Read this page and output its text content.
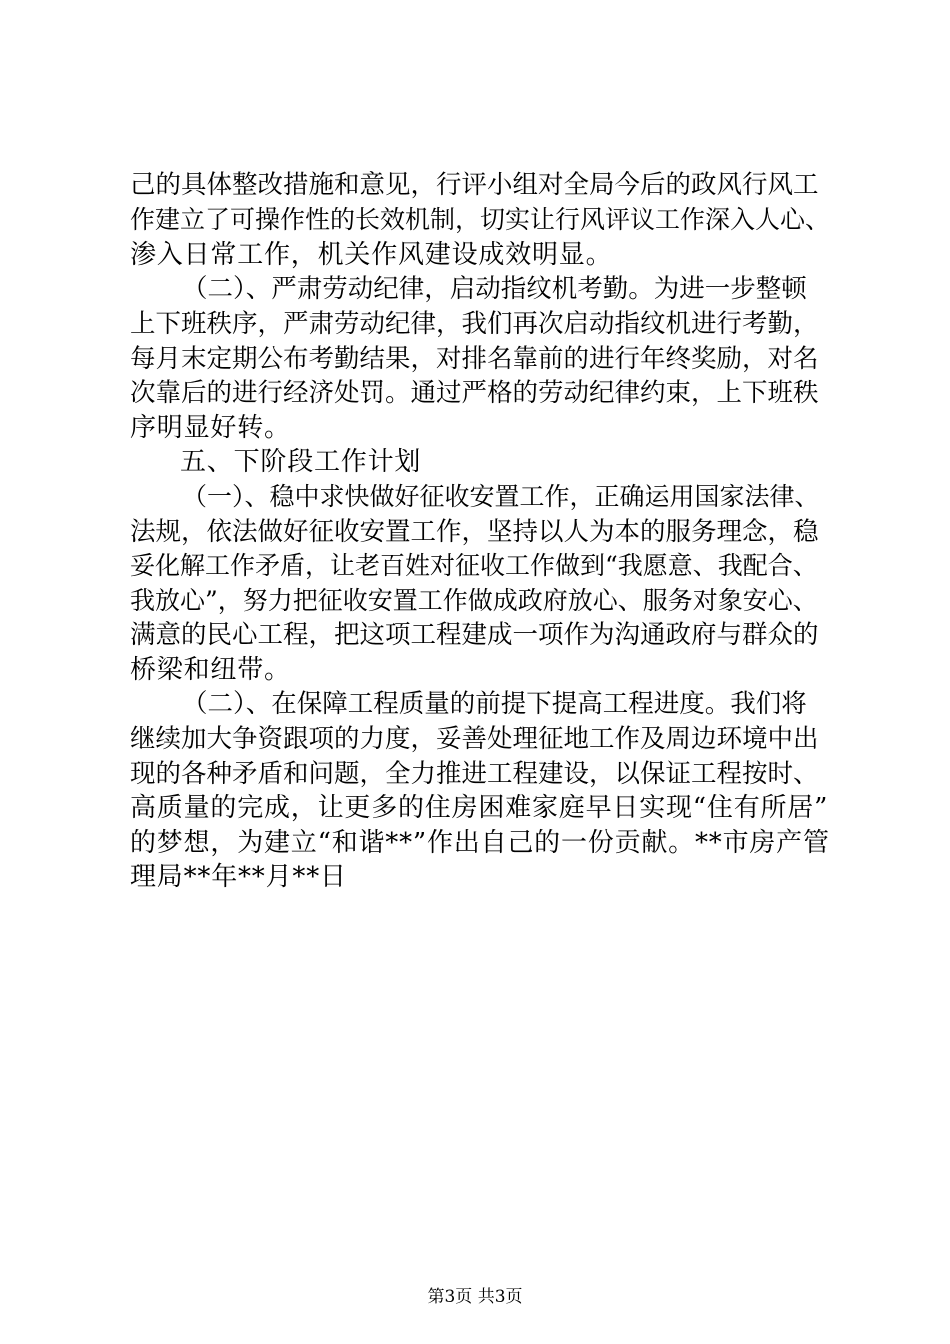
己的具体整改措施和意见，行评小组对全局今后的政风行风工
作建立了可操作性的长效机制，切实让行风评议工作深入人心、
渗入日常工作，机关作风建设成效明显。
（二）、严肃劳动纪律，启动指纹机考勤。为进一步整顿
上下班秩序，严肃劳动纪律，我们再次启动指纹机进行考勤，
每月末定期公布考勤结果，对排名靠前的进行年终奖励，对名
次靠后的进行经济处罚。通过严格的劳动纪律约束，上下班秩
序明显好转。
五、下阶段工作计划
（一）、稳中求快做好征收安置工作，正确运用国家法律、
法规，依法做好征收安置工作，坚持以人为本的服务理念，稳
妥化解工作矛盾，让老百姓对征收工作做到“我愿意、我配合、
我放心”，努力把征收安置工作做成政府放心、服务对象安心、
满意的民心工程，把这项工程建成一项作为沟通政府与群众的
桥梁和纽带。
（二）、在保障工程质量的前提下提高工程进度。我们将
继续加大争资跟项的力度，妥善处理征地工作及周边环境中出
现的各种矛盾和问题，全力推进工程建设，以保证工程按时、
高质量的完成，让更多的住房困难家庭早日实现“住有所居”
的梦想，为建立“和谐**”作出自己的一份贡献。**市房产管
理局**年**月**日
第3页 共3页
